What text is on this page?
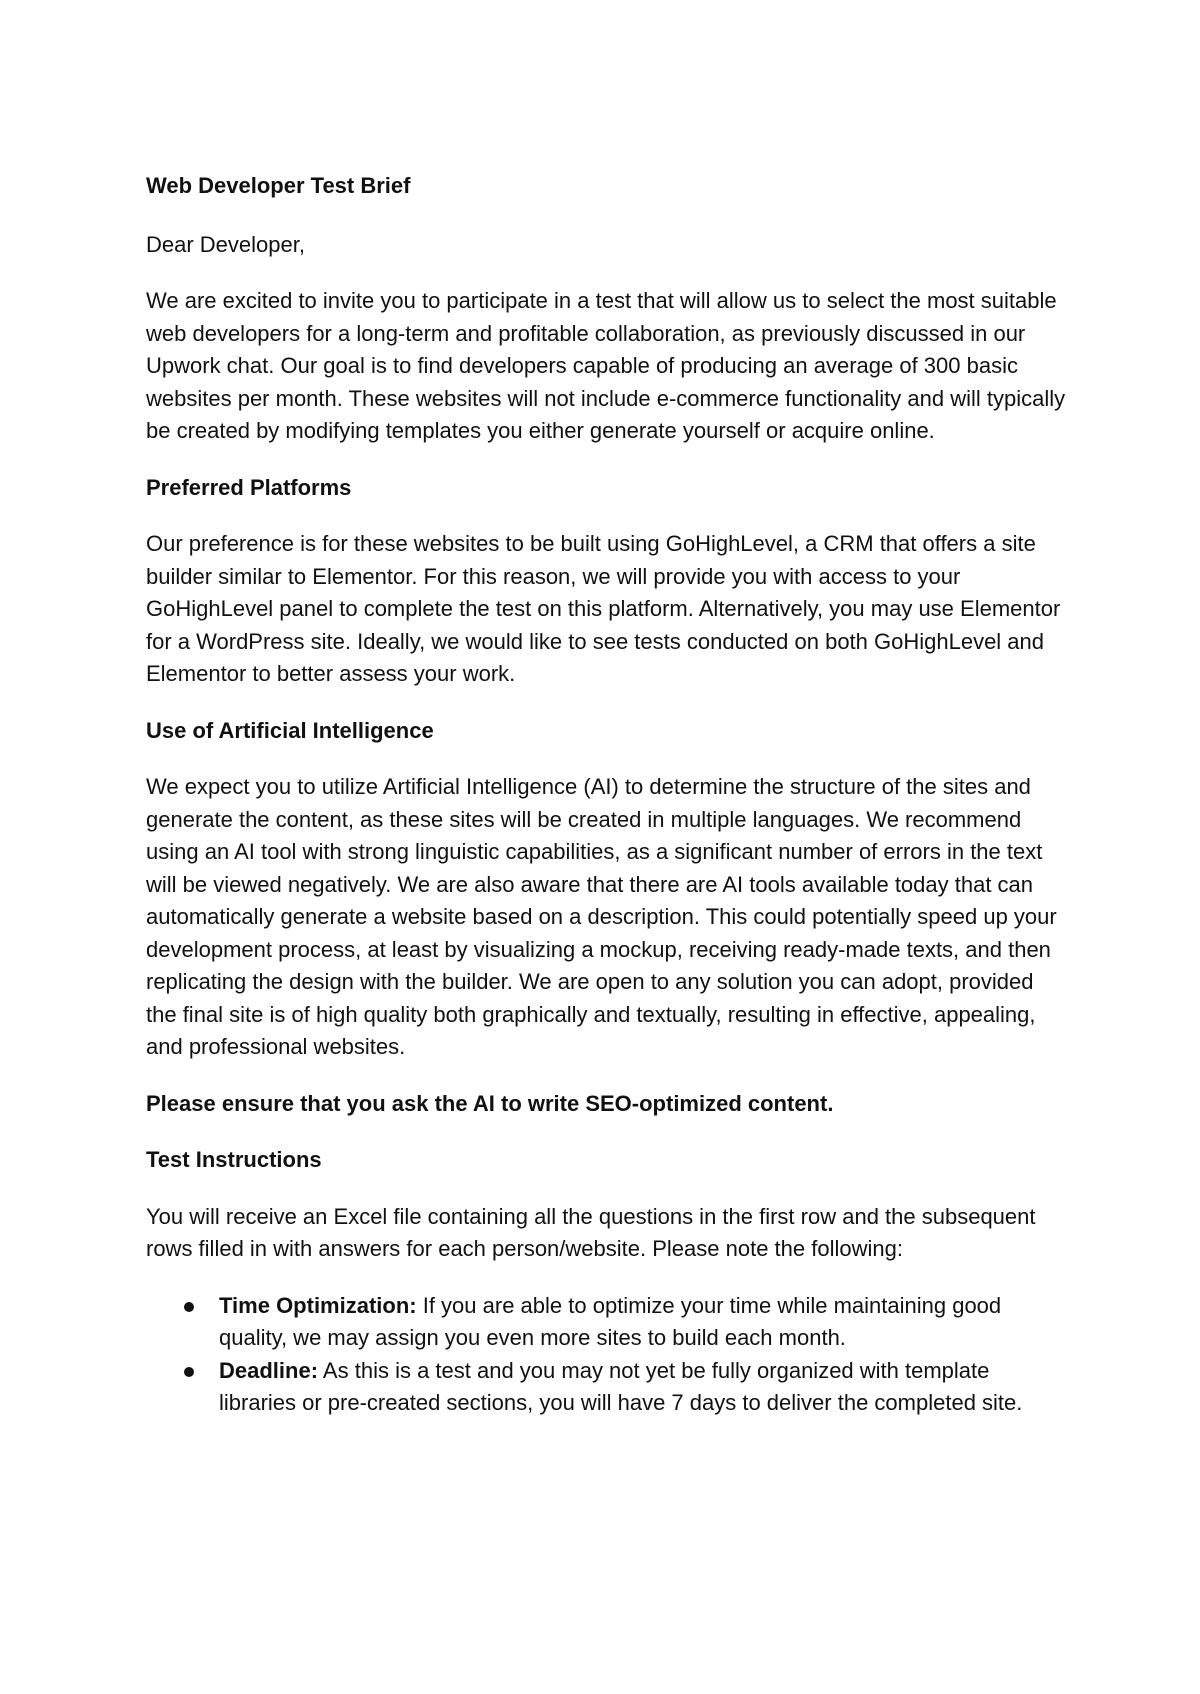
Web Developer Test Brief

Dear Developer,

We are excited to invite you to participate in a test that will allow us to select the most suitable web developers for a long-term and profitable collaboration, as previously discussed in our Upwork chat. Our goal is to find developers capable of producing an average of 300 basic websites per month. These websites will not include e-commerce functionality and will typically be created by modifying templates you either generate yourself or acquire online.

Preferred Platforms

Our preference is for these websites to be built using GoHighLevel, a CRM that offers a site builder similar to Elementor. For this reason, we will provide you with access to your GoHighLevel panel to complete the test on this platform. Alternatively, you may use Elementor for a WordPress site. Ideally, we would like to see tests conducted on both GoHighLevel and Elementor to better assess your work.

Use of Artificial Intelligence

We expect you to utilize Artificial Intelligence (AI) to determine the structure of the sites and generate the content, as these sites will be created in multiple languages. We recommend using an AI tool with strong linguistic capabilities, as a significant number of errors in the text will be viewed negatively. We are also aware that there are AI tools available today that can automatically generate a website based on a description. This could potentially speed up your development process, at least by visualizing a mockup, receiving ready-made texts, and then replicating the design with the builder. We are open to any solution you can adopt, provided the final site is of high quality both graphically and textually, resulting in effective, appealing, and professional websites.

Please ensure that you ask the AI to write SEO-optimized content.

Test Instructions

You will receive an Excel file containing all the questions in the first row and the subsequent rows filled in with answers for each person/website. Please note the following:

Time Optimization: If you are able to optimize your time while maintaining good quality, we may assign you even more sites to build each month.
Deadline: As this is a test and you may not yet be fully organized with template libraries or pre-created sections, you will have 7 days to deliver the completed site.
